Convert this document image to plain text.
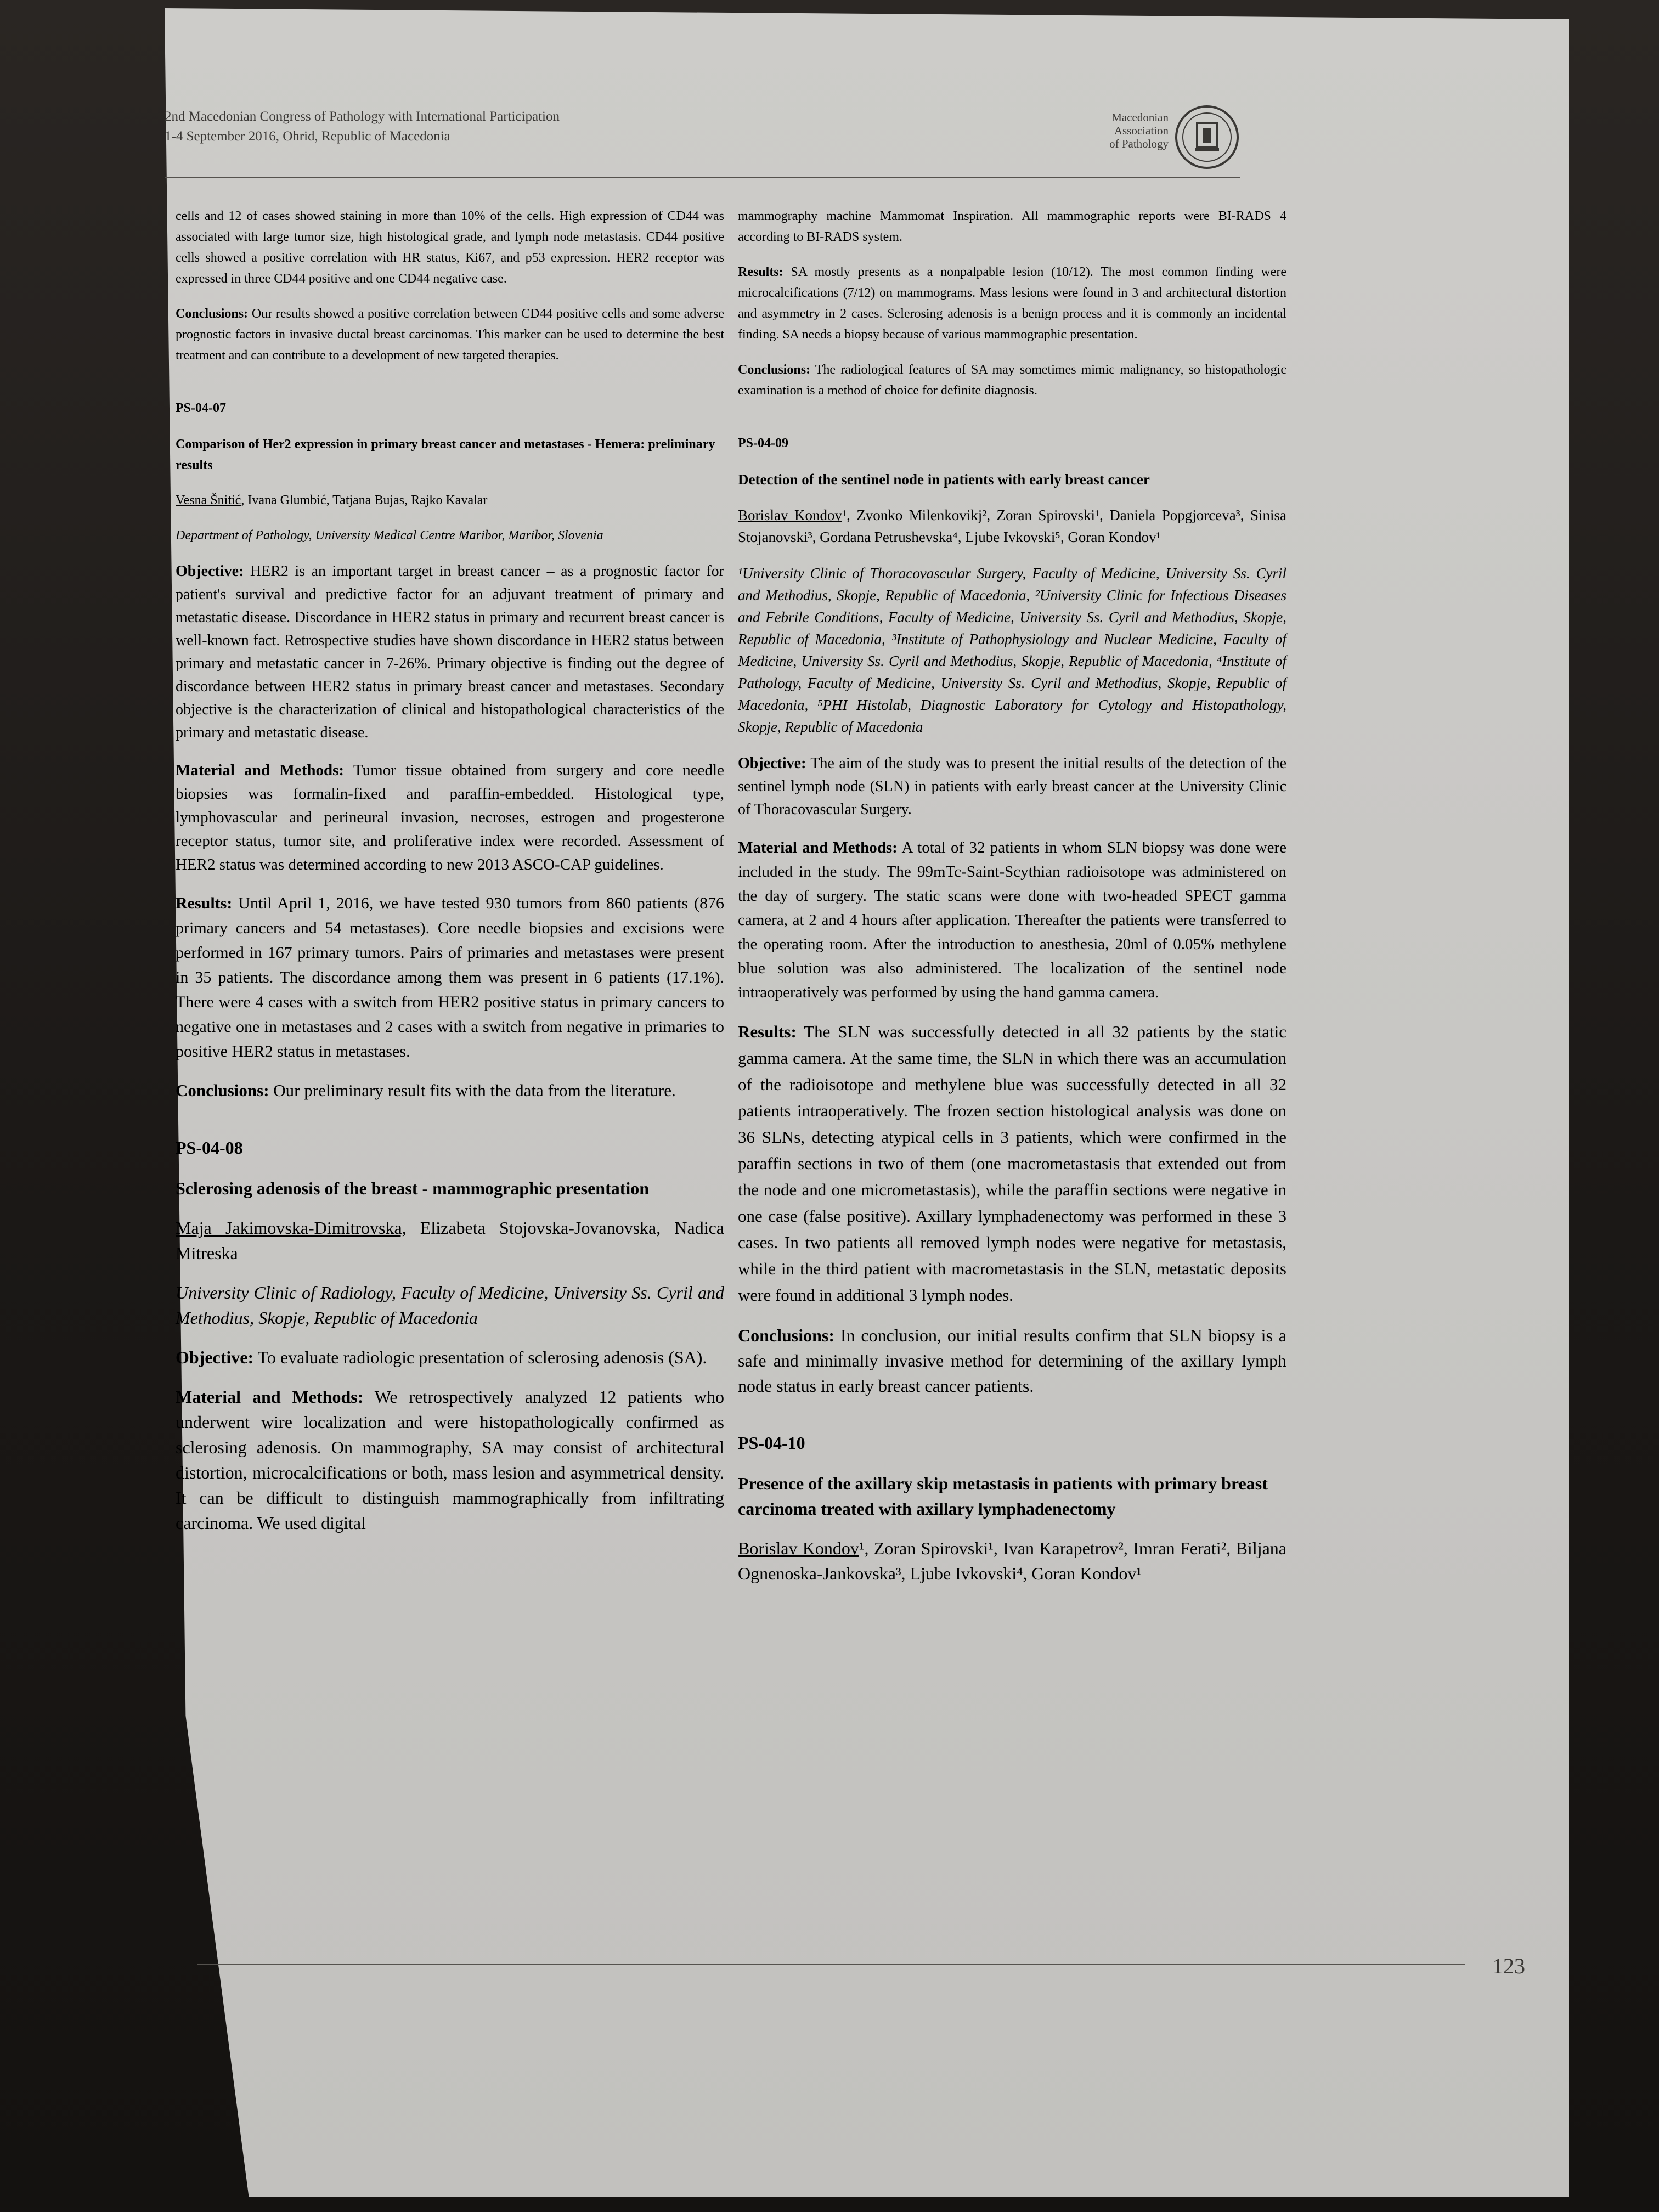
2nd Macedonian Congress of Pathology with International Participation
1-4 September 2016, Ohrid, Republic of Macedonia
Macedonian
Association
of Pathology

cells and 12 of cases showed staining in more than 10% of the cells. High expression of CD44 was associated with large tumor size, high histological grade, and lymph node metastasis. CD44 positive cells showed a positive correlation with HR status, Ki67, and p53 expression. HER2 receptor was expressed in three CD44 positive and one CD44 negative case.

Conclusions: Our results showed a positive correlation between CD44 positive cells and some adverse prognostic factors in invasive ductal breast carcinomas. This marker can be used to determine the best treatment and can contribute to a development of new targeted therapies.

PS-04-07
Comparison of Her2 expression in primary breast cancer and metastases - Hemera: preliminary results

Vesna Šnitić, Ivana Glumbić, Tatjana Bujas, Rajko Kavalar

Department of Pathology, University Medical Centre Maribor, Maribor, Slovenia

Objective: HER2 is an important target in breast cancer – as a prognostic factor for patient's survival and predictive factor for an adjuvant treatment of primary and metastatic disease. Discordance in HER2 status in primary and recurrent breast cancer is well-known fact. Retrospective studies have shown discordance in HER2 status between primary and metastatic cancer in 7-26%. Primary objective is finding out the degree of discordance between HER2 status in primary breast cancer and metastases. Secondary objective is the characterization of clinical and histopathological characteristics of the primary and metastatic disease.

Material and Methods: Tumor tissue obtained from surgery and core needle biopsies was formalin-fixed and paraffin-embedded. Histological type, lymphovascular and perineural invasion, necroses, estrogen and progesterone receptor status, tumor site, and proliferative index were recorded. Assessment of HER2 status was determined according to new 2013 ASCO-CAP guidelines.

Results: Until April 1, 2016, we have tested 930 tumors from 860 patients (876 primary cancers and 54 metastases). Core needle biopsies and excisions were performed in 167 primary tumors. Pairs of primaries and metastases were present in 35 patients. The discordance among them was present in 6 patients (17.1%). There were 4 cases with a switch from HER2 positive status in primary cancers to negative one in metastases and 2 cases with a switch from negative in primaries to positive HER2 status in metastases.

Conclusions: Our preliminary result fits with the data from the literature.

PS-04-08
Sclerosing adenosis of the breast - mammographic presentation

Maja Jakimovska-Dimitrovska, Elizabeta Stojovska-Jovanovska, Nadica Mitreska

University Clinic of Radiology, Faculty of Medicine, University Ss. Cyril and Methodius, Skopje, Republic of Macedonia

Objective: To evaluate radiologic presentation of sclerosing adenosis (SA).

Material and Methods: We retrospectively analyzed 12 patients who underwent wire localization and were histopathologically confirmed as sclerosing adenosis. On mammography, SA may consist of architectural distortion, microcalcifications or both, mass lesion and asymmetrical density. It can be difficult to distinguish mammographically from infiltrating carcinoma. We used digital

mammography machine Mammomat Inspiration. All mammographic reports were BI-RADS 4 according to BI-RADS system.

Results: SA mostly presents as a nonpalpable lesion (10/12). The most common finding were microcalcifications (7/12) on mammograms. Mass lesions were found in 3 and architectural distortion and asymmetry in 2 cases. Sclerosing adenosis is a benign process and it is commonly an incidental finding. SA needs a biopsy because of various mammographic presentation.

Conclusions: The radiological features of SA may sometimes mimic malignancy, so histopathologic examination is a method of choice for definite diagnosis.

PS-04-09
Detection of the sentinel node in patients with early breast cancer

Borislav Kondov¹, Zvonko Milenkovikj², Zoran Spirovski¹, Daniela Popgjorceva³, Sinisa Stojanovski³, Gordana Petrushevska⁴, Ljube Ivkovski⁵, Goran Kondov¹

¹University Clinic of Thoracovascular Surgery, Faculty of Medicine, University Ss. Cyril and Methodius, Skopje, Republic of Macedonia, ²University Clinic for Infectious Diseases and Febrile Conditions, Faculty of Medicine, University Ss. Cyril and Methodius, Skopje, Republic of Macedonia, ³Institute of Pathophysiology and Nuclear Medicine, Faculty of Medicine, University Ss. Cyril and Methodius, Skopje, Republic of Macedonia, ⁴Institute of Pathology, Faculty of Medicine, University Ss. Cyril and Methodius, Skopje, Republic of Macedonia, ⁵PHI Histolab, Diagnostic Laboratory for Cytology and Histopathology, Skopje, Republic of Macedonia

Objective: The aim of the study was to present the initial results of the detection of the sentinel lymph node (SLN) in patients with early breast cancer at the University Clinic of Thoracovascular Surgery.

Material and Methods: A total of 32 patients in whom SLN biopsy was done were included in the study. The 99mTc-Saint-Scythian radioisotope was administered on the day of surgery. The static scans were done with two-headed SPECT gamma camera, at 2 and 4 hours after application. Thereafter the patients were transferred to the operating room. After the introduction to anesthesia, 20ml of 0.05% methylene blue solution was also administered. The localization of the sentinel node intraoperatively was performed by using the hand gamma camera.

Results: The SLN was successfully detected in all 32 patients by the static gamma camera. At the same time, the SLN in which there was an accumulation of the radioisotope and methylene blue was successfully detected in all 32 patients intraoperatively. The frozen section histological analysis was done on 36 SLNs, detecting atypical cells in 3 patients, which were confirmed in the paraffin sections in two of them (one macrometastasis that extended out from the node and one micrometastasis), while the paraffin sections were negative in one case (false positive). Axillary lymphadenectomy was performed in these 3 cases. In two patients all removed lymph nodes were negative for metastasis, while in the third patient with macrometastasis in the SLN, metastatic deposits were found in additional 3 lymph nodes.

Conclusions: In conclusion, our initial results confirm that SLN biopsy is a safe and minimally invasive method for determining of the axillary lymph node status in early breast cancer patients.

PS-04-10
Presence of the axillary skip metastasis in patients with primary breast carcinoma treated with axillary lymphadenectomy

Borislav Kondov¹, Zoran Spirovski¹, Ivan Karapetrov², Imran Ferati², Biljana Ognenoska-Jankovska³, Ljube Ivkovski⁴, Goran Kondov¹

123
